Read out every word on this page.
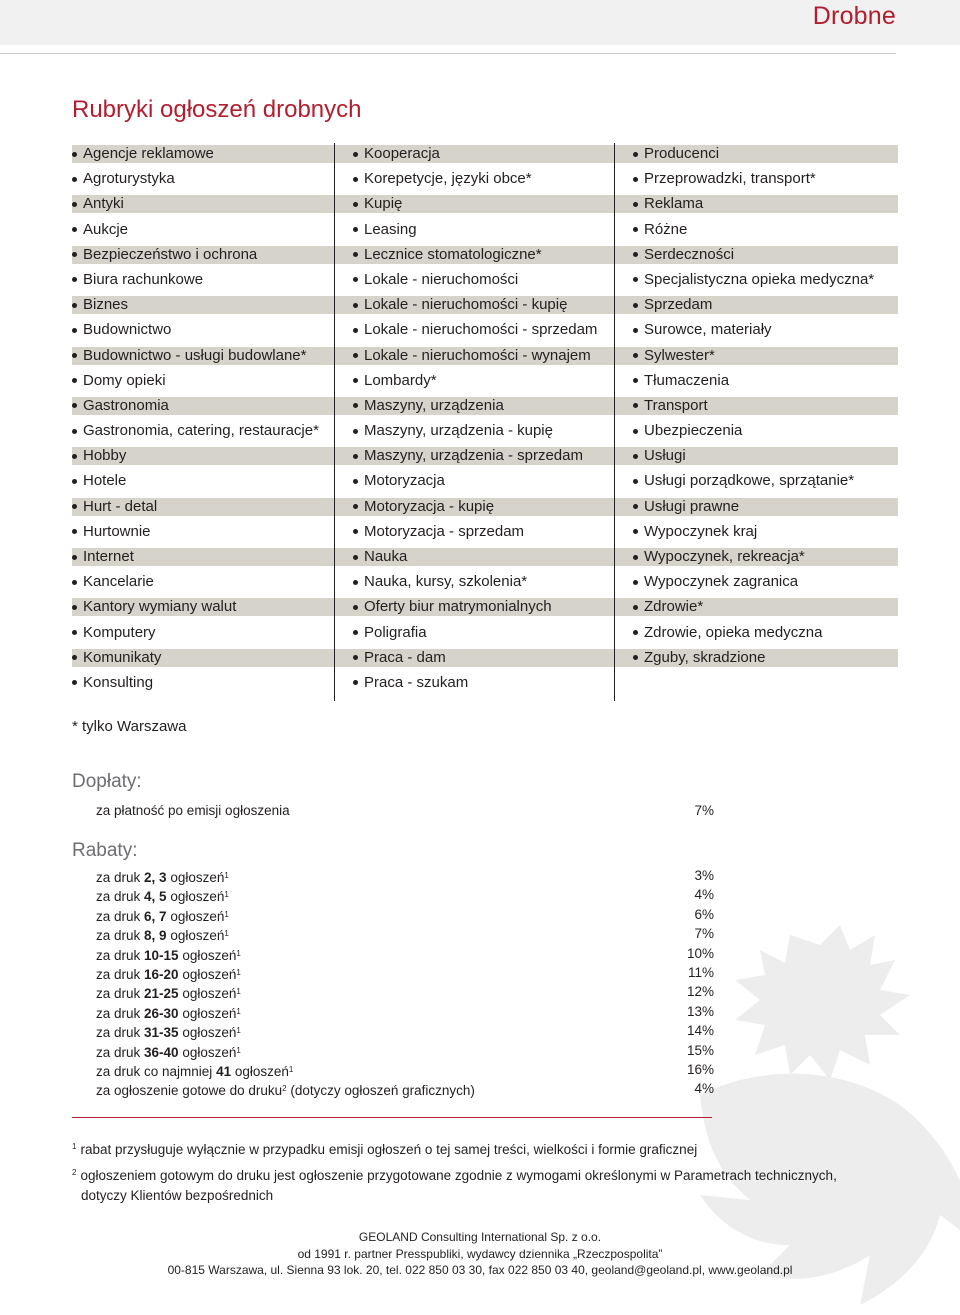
Drobne
Rubryki ogłoszeń drobnych
Agencje reklamowe
Agroturystyka
Antyki
Aukcje
Bezpieczeństwo i ochrona
Biura rachunkowe
Biznes
Budownictwo
Budownictwo - usługi budowlane*
Domy opieki
Gastronomia
Gastronomia, catering, restauracje*
Hobby
Hotele
Hurt - detal
Hurtownie
Internet
Kancelarie
Kantory wymiany walut
Komputery
Komunikaty
Konsulting
Kooperacja
Korepetycje, języki obce*
Kupię
Leasing
Lecznice stomatologiczne*
Lokale - nieruchomości
Lokale - nieruchomości - kupię
Lokale - nieruchomości - sprzedam
Lokale - nieruchomości - wynajem
Lombardy*
Maszyny, urządzenia
Maszyny, urządzenia - kupię
Maszyny, urządzenia - sprzedam
Motoryzacja
Motoryzacja - kupię
Motoryzacja - sprzedam
Nauka
Nauka, kursy, szkolenia*
Oferty biur matrymonialnych
Poligrafia
Praca - dam
Praca - szukam
Producenci
Przeprowadzki, transport*
Reklama
Różne
Serdeczności
Specjalistyczna opieka medyczna*
Sprzedam
Surowce, materiały
Sylwester*
Tłumaczenia
Transport
Ubezpieczenia
Usługi
Usługi porządkowe, sprzątanie*
Usługi prawne
Wypoczynek kraj
Wypoczynek, rekreacja*
Wypoczynek zagranica
Zdrowie*
Zdrowie, opieka medyczna
Zguby, skradzione
* tylko Warszawa
Dopłaty:
za płatność po emisji ogłoszenia	7%
Rabaty:
za druk 2, 3 ogłoszeń$^1$	3%
za druk 4, 5 ogłoszeń$^1$	4%
za druk 6, 7 ogłoszeń$^1$	6%
za druk 8, 9 ogłoszeń$^1$	7%
za druk 10-15 ogłoszeń$^1$	10%
za druk 16-20 ogłoszeń$^1$	11%
za druk 21-25 ogłoszeń$^1$	12%
za druk 26-30 ogłoszeń$^1$	13%
za druk 31-35 ogłoszeń$^1$	14%
za druk 36-40 ogłoszeń$^1$	15%
za druk co najmniej 41 ogłoszeń$^1$	16%
za ogłoszenie gotowe do druku$^2$ (dotyczy ogłoszeń graficznych)	4%
$^1$ rabat przysługuje wyłącznie w przypadku emisji ogłoszeń o tej samej treści, wielkości i formie graficznej
$^2$ ogłoszeniem gotowym do druku jest ogłoszenie przygotowane zgodnie z wymogami określonymi w Parametrach technicznych,
dotyczy Klientów bezpośrednich
GEOLAND Consulting International Sp. z o.o.
od 1991 r. partner Presspubliki, wydawcy dziennika „Rzeczpospolita”
00-815 Warszawa, ul. Sienna 93 lok. 20, tel. 022 850 03 30, fax 022 850 03 40, geoland@geoland.pl, www.geoland.pl
